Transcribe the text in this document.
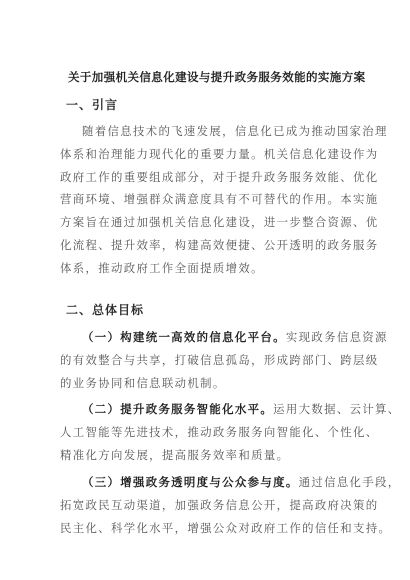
关于加强机关信息化建设与提升政务服务效能的实施方案
一、引言
随着信息技术的飞速发展，信息化已成为推动国家治理
体系和治理能力现代化的重要力量。机关信息化建设作为
政府工作的重要组成部分，对于提升政务服务效能、优化
营商环境、增强群众满意度具有不可替代的作用。本实施
方案旨在通过加强机关信息化建设，进一步整合资源、优
化流程、提升效率，构建高效便捷、公开透明的政务服务
体系，推动政府工作全面提质增效。
二、总体目标
（一）构建统一高效的信息化平台。实现政务信息资源
的有效整合与共享，打破信息孤岛，形成跨部门、跨层级
的业务协同和信息联动机制。
（二）提升政务服务智能化水平。运用大数据、云计算、
人工智能等先进技术，推动政务服务向智能化、个性化、
精准化方向发展，提高服务效率和质量。
（三）增强政务透明度与公众参与度。通过信息化手段，
拓宽政民互动渠道，加强政务信息公开，提高政府决策的
民主化、科学化水平，增强公众对政府工作的信任和支持。
